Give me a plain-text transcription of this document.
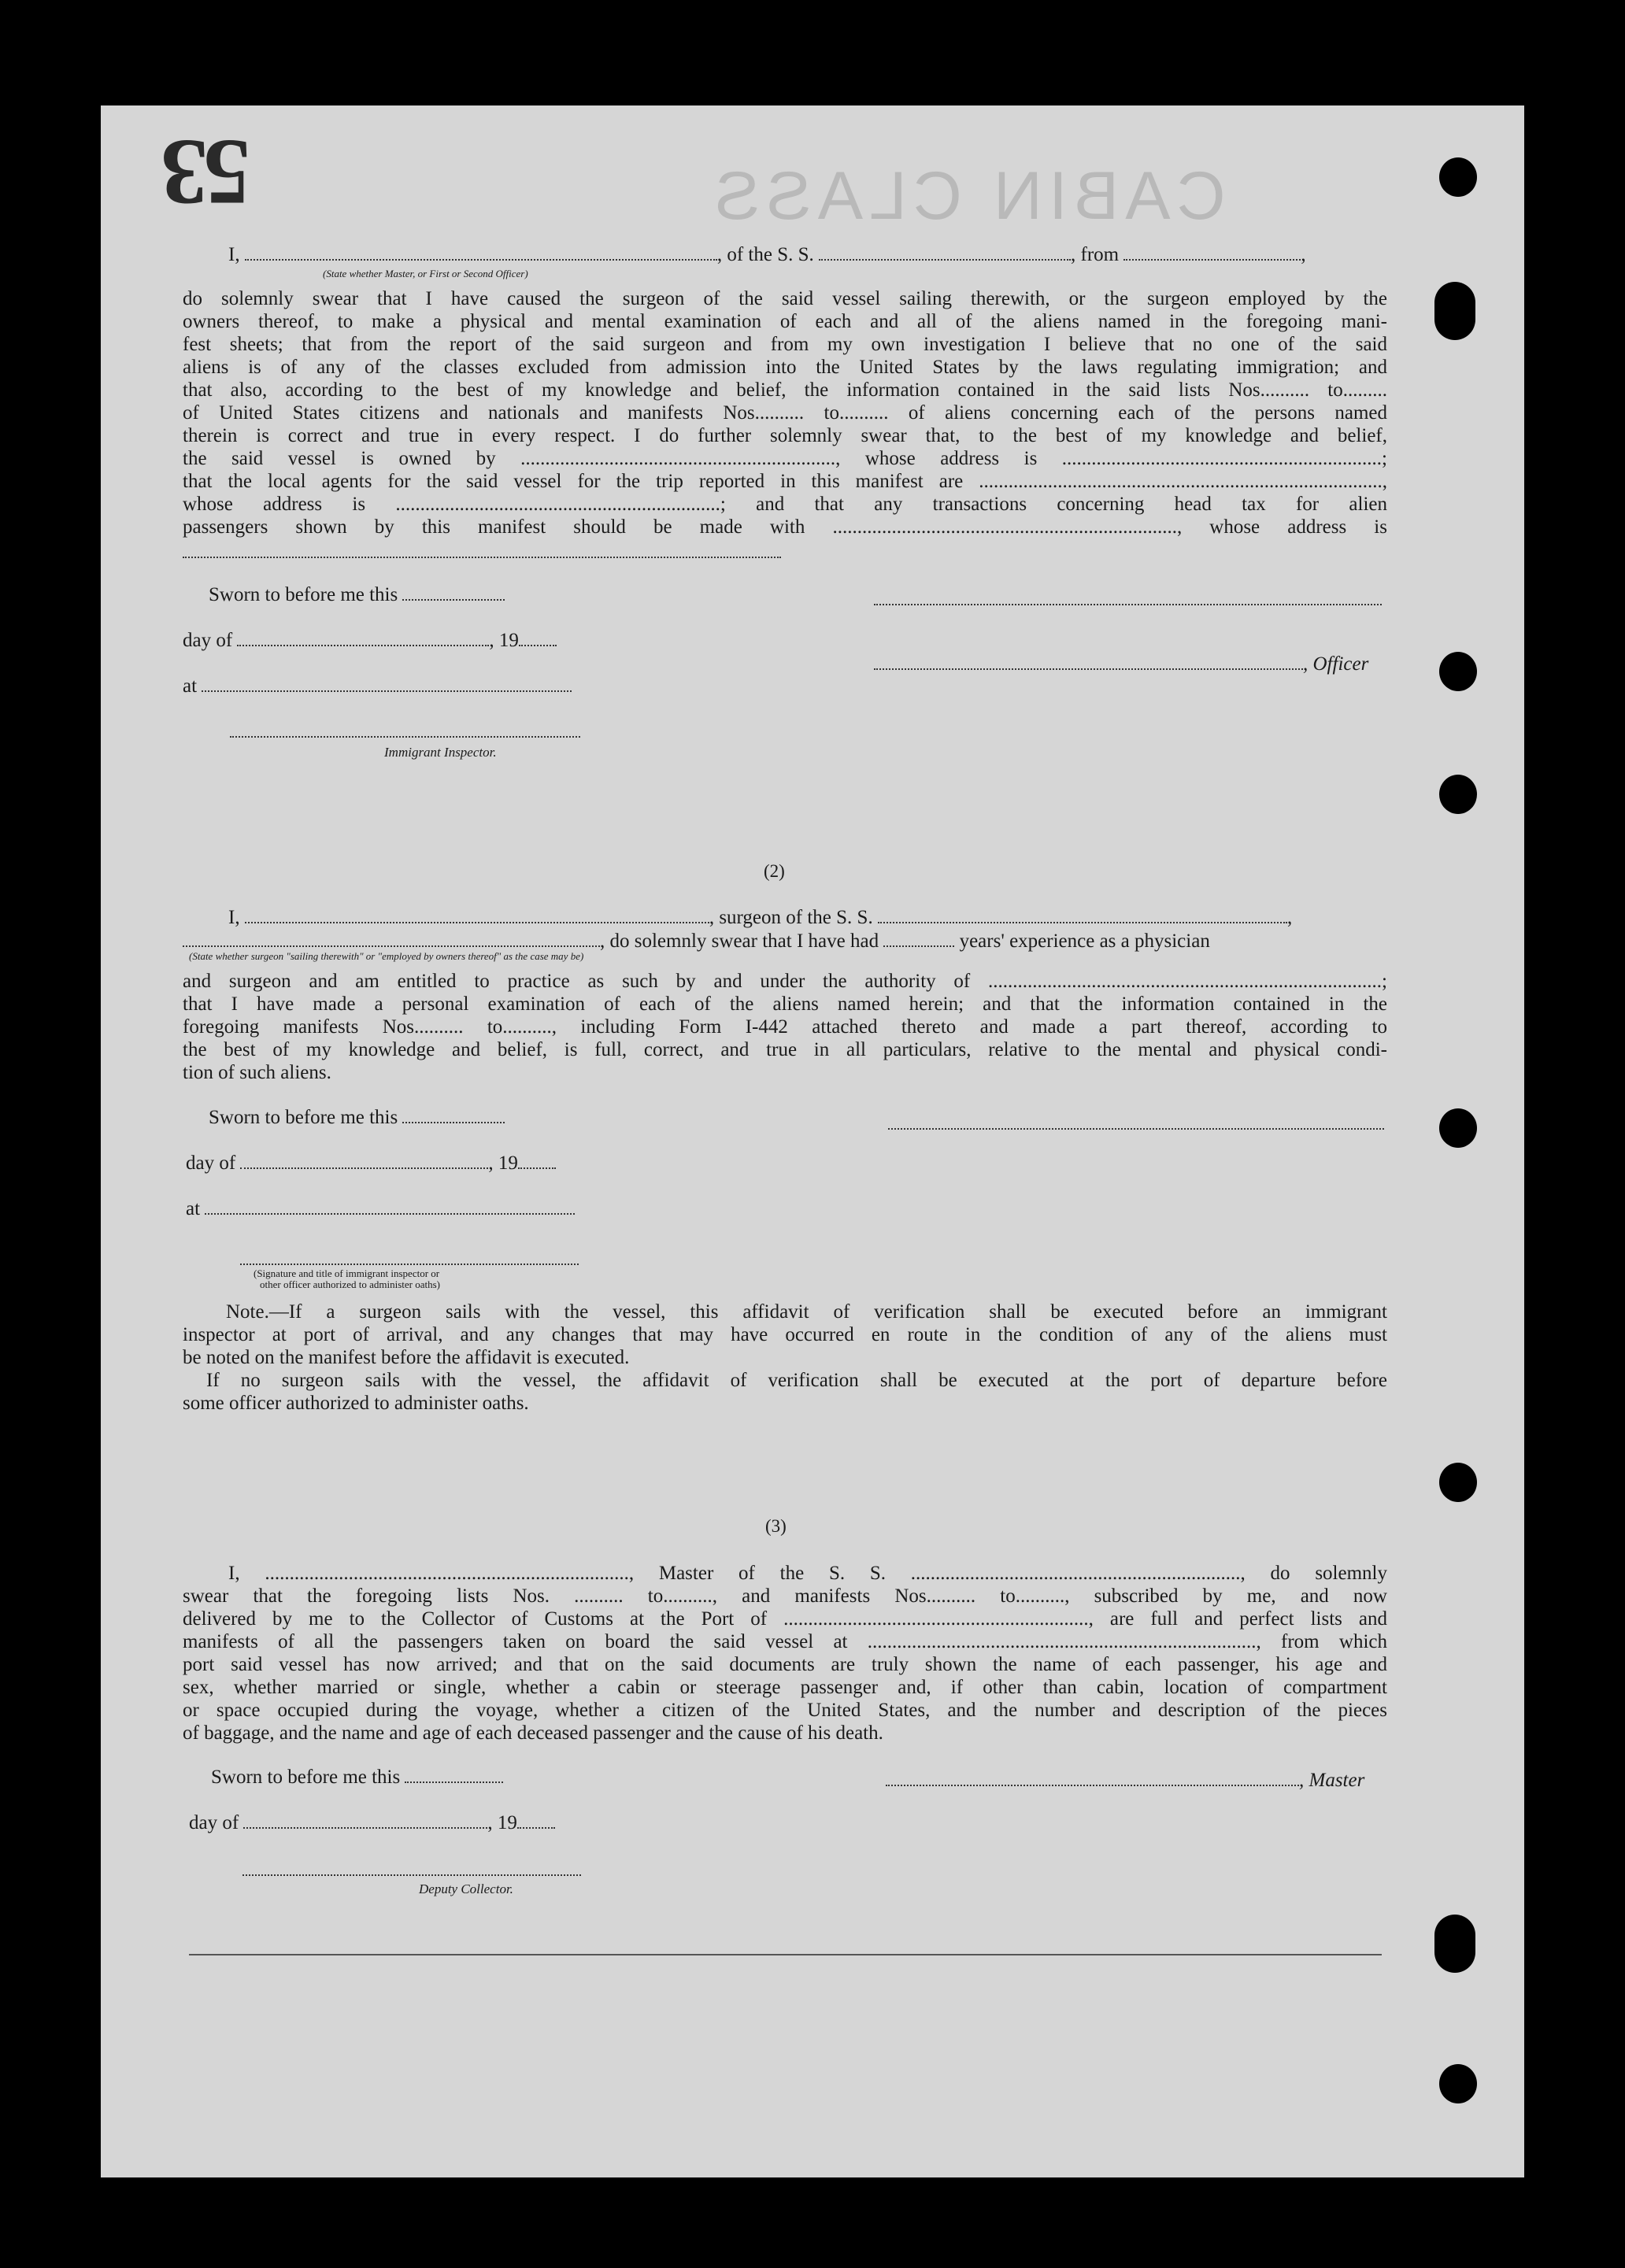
53	CABIN CLASS
I,	, of the S. S.	, from	,
(State whether Master, or First or Second Officer)

do solemnly swear that I have caused the surgeon of the said vessel sailing therewith, or the surgeon employed by the

owners thereof, to make a physical and mental examination of each and all of the aliens named in the foregoing mani-

fest sheets; that from the report of the said surgeon and from my own investigation I believe that no one of the said

aliens is of any of the classes excluded from admission into the United States by the laws regulating immigration; and

that also, according to the best of my knowledge and belief, the information contained in the said lists Nos.......... to.........

of United States citizens and nationals and manifests Nos.......... to.......... of aliens concerning each of the persons named

therein is correct and true in every respect. I do further solemnly swear that, to the best of my knowledge and belief,

the said vessel is owned by ................................................................, whose address is .................................................................;

that the local agents for the said vessel for the trip reported in this manifest are ..................................................................................,

whose address is ..................................................................; and that any transactions concerning head tax for alien

passengers shown by this manifest should be made with ......................................................................, whose address is

Sworn to before me this
day of	, 19
at
Immigrant Inspector.
, Officer
(2)
I,	, surgeon of the S. S.	,
, do solemnly swear that I have had	years' experience as a physician
(State whether surgeon "sailing therewith" or "employed by owners thereof" as the case may be)

and surgeon and am entitled to practice as such by and under the authority of ................................................................................;

that I have made a personal examination of each of the aliens named herein; and that the information contained in the

foregoing manifests Nos.......... to.........., including Form I-442 attached thereto and made a part thereof, according to

the best of my knowledge and belief, is full, correct, and true in all particulars, relative to the mental and physical condi-

tion of such aliens.

Sworn to before me this
day of	, 19
at
(Signature and title of immigrant inspector or
other officer authorized to administer oaths)

Note.—If a surgeon sails with the vessel, this affidavit of verification shall be executed before an immigrant

inspector at port of arrival, and any changes that may have occurred en route in the condition of any of the aliens must

be noted on the manifest before the affidavit is executed.

If no surgeon sails with the vessel, the affidavit of verification shall be executed at the port of departure before

some officer authorized to administer oaths.

(3)

I, .........................................................................., Master of the S. S. ..................................................................., do solemnly

swear that the foregoing lists Nos. .......... to.........., and manifests Nos.......... to.........., subscribed by me, and now

delivered by me to the Collector of Customs at the Port of .............................................................., are full and perfect lists and

manifests of all the passengers taken on board the said vessel at ..............................................................................., from which

port said vessel has now arrived; and that on the said documents are truly shown the name of each passenger, his age and

sex, whether married or single, whether a cabin or steerage passenger and, if other than cabin, location of compartment

or space occupied during the voyage, whether a citizen of the United States, and the number and description of the pieces

of baggage, and the name and age of each deceased passenger and the cause of his death.

Sworn to before me this
day of	, 19
Deputy Collector.
, Master
